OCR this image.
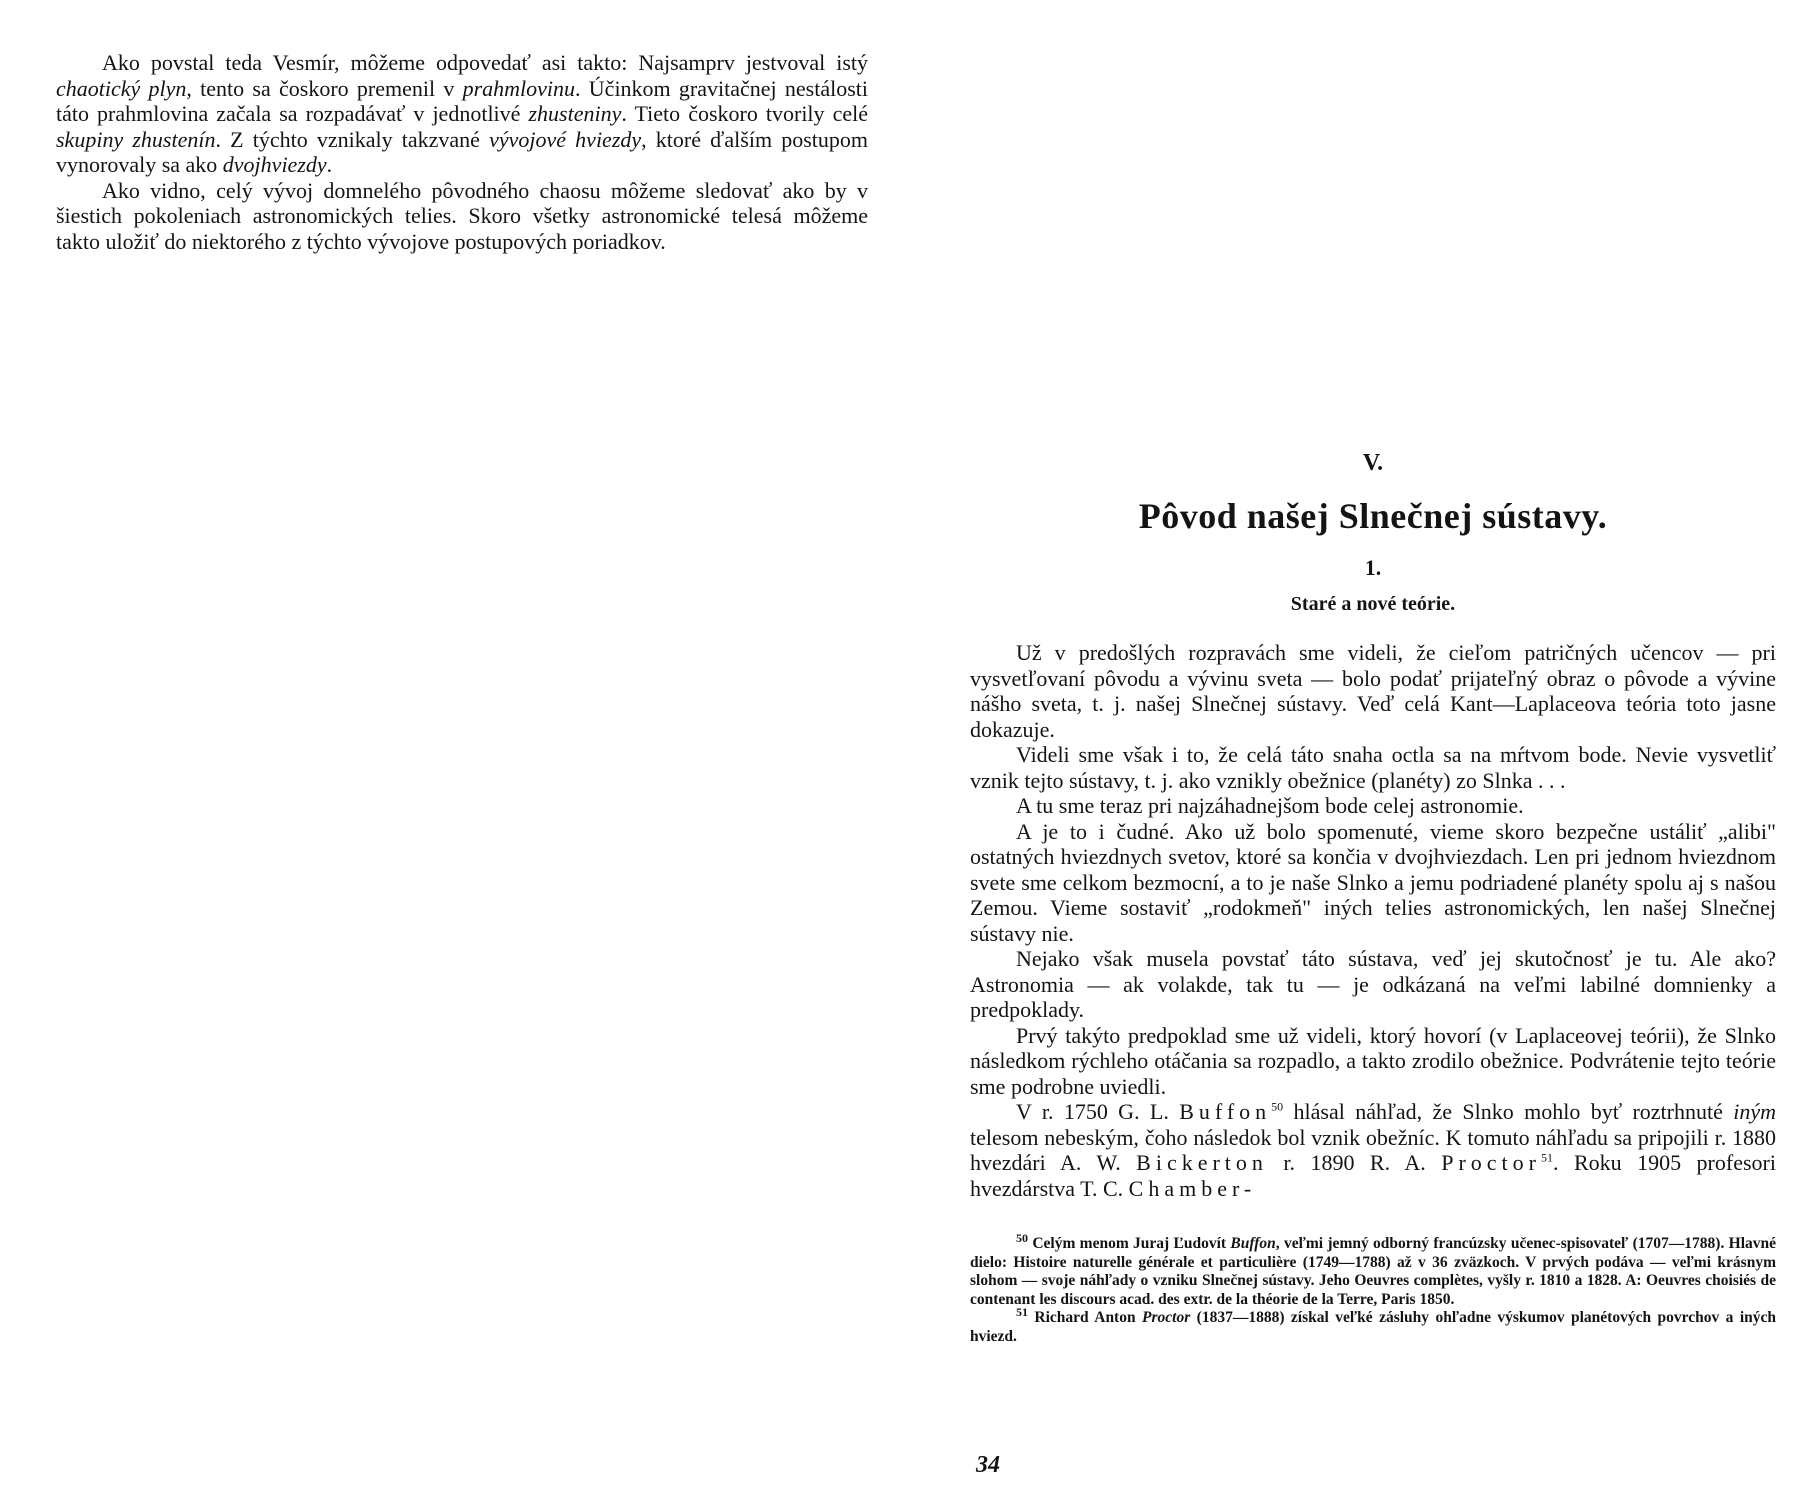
Ako povstal teda Vesmír, môžeme odpovedať asi takto: Najsamprv jestvoval istý chaotický plyn, tento sa čoskoro premenil v prahmlovinu. Účinkom gravitačnej nestálosti táto prahmlovina začala sa rozpadávať v jednotlivé zhusteniny. Tieto čoskoro tvorily celé skupiny zhustenín. Z týchto vznikaly takzvané vývojové hviezdy, ktoré ďalším postupom vynorovaly sa ako dvojhviezdy.

Ako vidno, celý vývoj domnelého pôvodného chaosu môžeme sledovať ako by v šiestich pokoleniach astronomických telies. Skoro všetky astronomické telesá môžeme takto uložiť do niektorého z týchto vývojove postupových poriadkov.

V.

Pôvod našej Slnečnej sústavy.

1.

Staré a nové teórie.

Už v predošlých rozpravách sme videli, že cieľom patričných učencov — pri vysvetľovaní pôvodu a vývinu sveta — bolo podať prijateľný obraz o pôvode a vývine nášho sveta, t. j. našej Slnečnej sústavy. Veď celá Kant—Laplaceova teória toto jasne dokazuje.

Videli sme však i to, že celá táto snaha octla sa na mŕtvom bode. Nevie vysvetliť vznik tejto sústavy, t. j. ako vznikly obežnice (planéty) zo Slnka . . .

A tu sme teraz pri najzáhadnejšom bode celej astronomie.

A je to i čudné. Ako už bolo spomenuté, vieme skoro bezpečne ustáliť „alibi" ostatných hviezdnych svetov, ktoré sa končia v dvojhviezdach. Len pri jednom hviezdnom svete sme celkom bezmocní, a to je naše Slnko a jemu podriadené planéty spolu aj s našou Zemou. Vieme sostaviť „rodokmeň" iných telies astronomických, len našej Slnečnej sústavy nie.

Nejako však musela povstať táto sústava, veď jej skutočnosť je tu. Ale ako? Astronomia — ak volakde, tak tu — je odkázaná na veľmi labilné domnienky a predpoklady.

Prvý takýto predpoklad sme už videli, ktorý hovorí (v Laplaceovej teórii), že Slnko následkom rýchleho otáčania sa rozpadlo, a takto zrodilo obežnice. Podvrátenie tejto teórie sme podrobne uviedli.

V r. 1750 G. L. Buffon$^{50}$ hlásal náhľad, že Slnko mohlo byť roztrhnuté iným telesom nebeským, čoho následok bol vznik obežníc. K tomuto náhľadu sa pripojili r. 1880 hvezdári A. W. Bickerton r. 1890 R. A. Proctor$^{51}$. Roku 1905 profesori hvezdárstva T. C. Chamber-

$^{50}$ Celým menom Juraj Ľudovít Buffon, veľmi jemný odborný francúzsky učenec-spisovateľ (1707—1788). Hlavné dielo: Histoire naturelle générale et particulière (1749—1788) až v 36 zväzkoch. V prvých podáva — veľmi krásnym slohom — svoje náhľady o vzniku Slnečnej sústavy. Jeho Oeuvres complètes, vyšly r. 1810 a 1828. A: Oeuvres choisiés de contenant les discours acad. des extr. de la théorie de la Terre, Paris 1850.

$^{51}$ Richard Anton Proctor (1837—1888) získal veľké zásluhy ohľadne výskumov planétových povrchov a iných hviezd.

34
